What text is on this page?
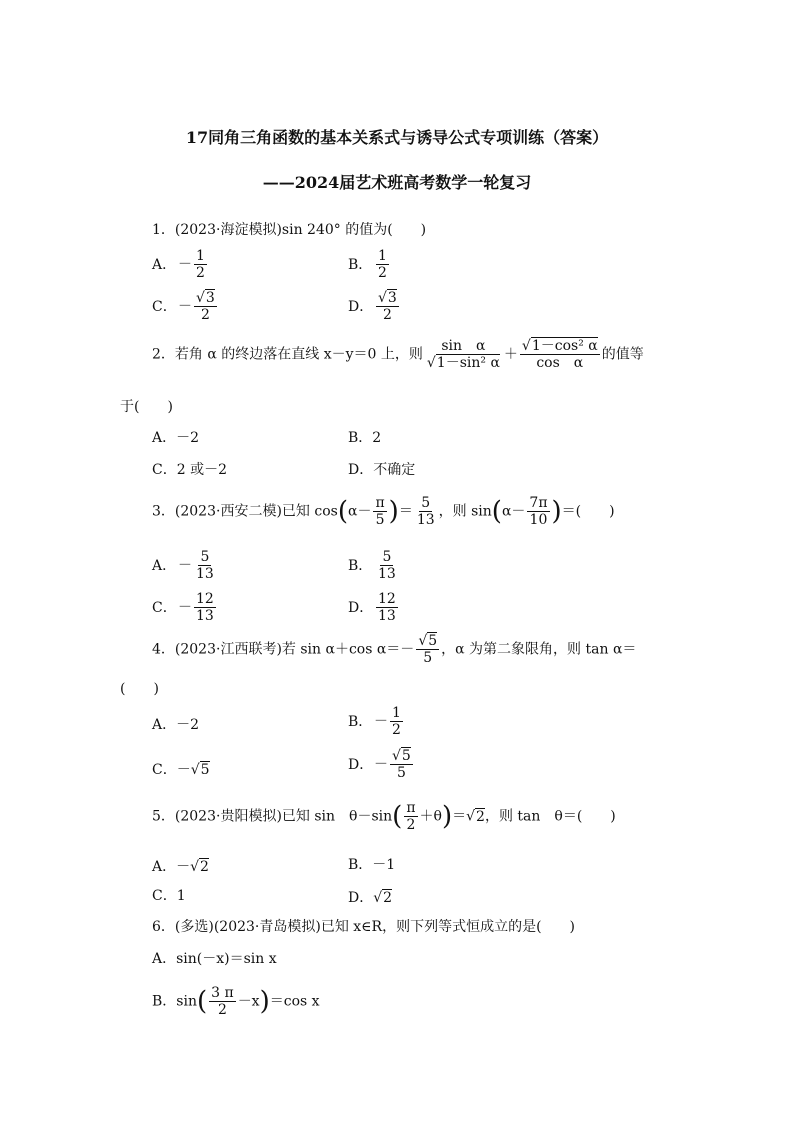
17同角三角函数的基本关系式与诱导公式专项训练（答案）
——2024届艺术班高考数学一轮复习
1．(2023·海淀模拟)sin 240° 的值为(　　)
A． － $\frac{1}{2}$	B． $\frac{1}{2}$
C．－ $\frac{√3}{2}$	D． $\frac{√3}{2}$
2．若角 α 的终边落在直线 x－y＝0 上，则 $\frac{\text{sin　α}}{\text{√1－sin² α}} + \frac{\text{√1－cos² α}}{\text{cos　α}}$ 的值等
于(　　)
A．－2	B．2
C．2 或－2	D．不确定
3．(2023·西安二模)已知 $\cos(\alpha- \frac{\pi}{5}$ )＝ $\frac{5}{13}$ ，则 $\sin(\alpha- \frac{7\pi}{10}$ )＝(　　)
A． － $\frac{5}{13}$	B． $\frac{5}{13}$
C．－ $\frac{12}{13}$	D． $\frac{12}{13}$
4．(2023·江西联考)若 sin α＋cos $\alpha=- \frac{√5}{5}$ ，α 为第二象限角，则 tan α＝
(　　)
A．－2	B． － $\frac{1}{2}$
C．－√5	D．－ $\frac{√5}{5}$
5．(2023·贵阳模拟)已知 sin　$\theta-\sin( \frac{\pi}{2} +\theta)=√2$，则 tan　θ＝(　　)
A．－√2	B．－1
C．1	D．√2
6．(多选)(2023·青岛模拟)已知 x∈R，则下列等式恒成立的是(　　)
A．sin(－x)＝sin x
B．$\sin( \frac{3 \pi}{2} -x)=\cos$ x
